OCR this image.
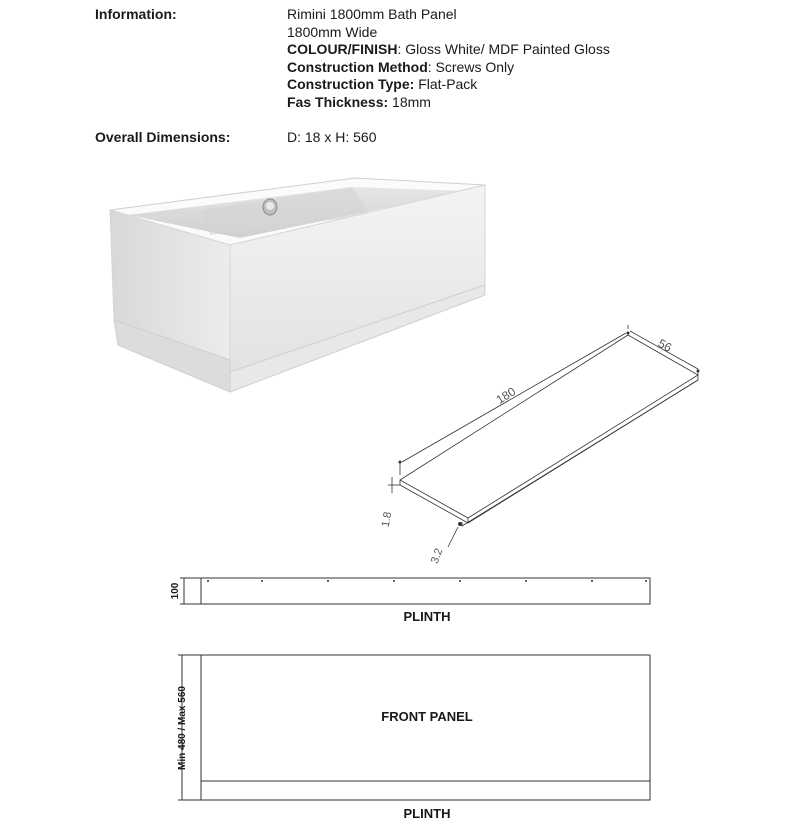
Information:	Rimini 1800mm Bath Panel
1800mm Wide
COLOUR/FINISH: Gloss White/ MDF Painted Gloss
Construction Method: Screws Only
Construction Type: Flat-Pack
Fas Thickness: 18mm
Overall Dimensions:	D: 18 x H: 560
180
56
1.8
3.2
100
PLINTH
Min 480 / Max 560	FRONT PANEL
PLINTH
